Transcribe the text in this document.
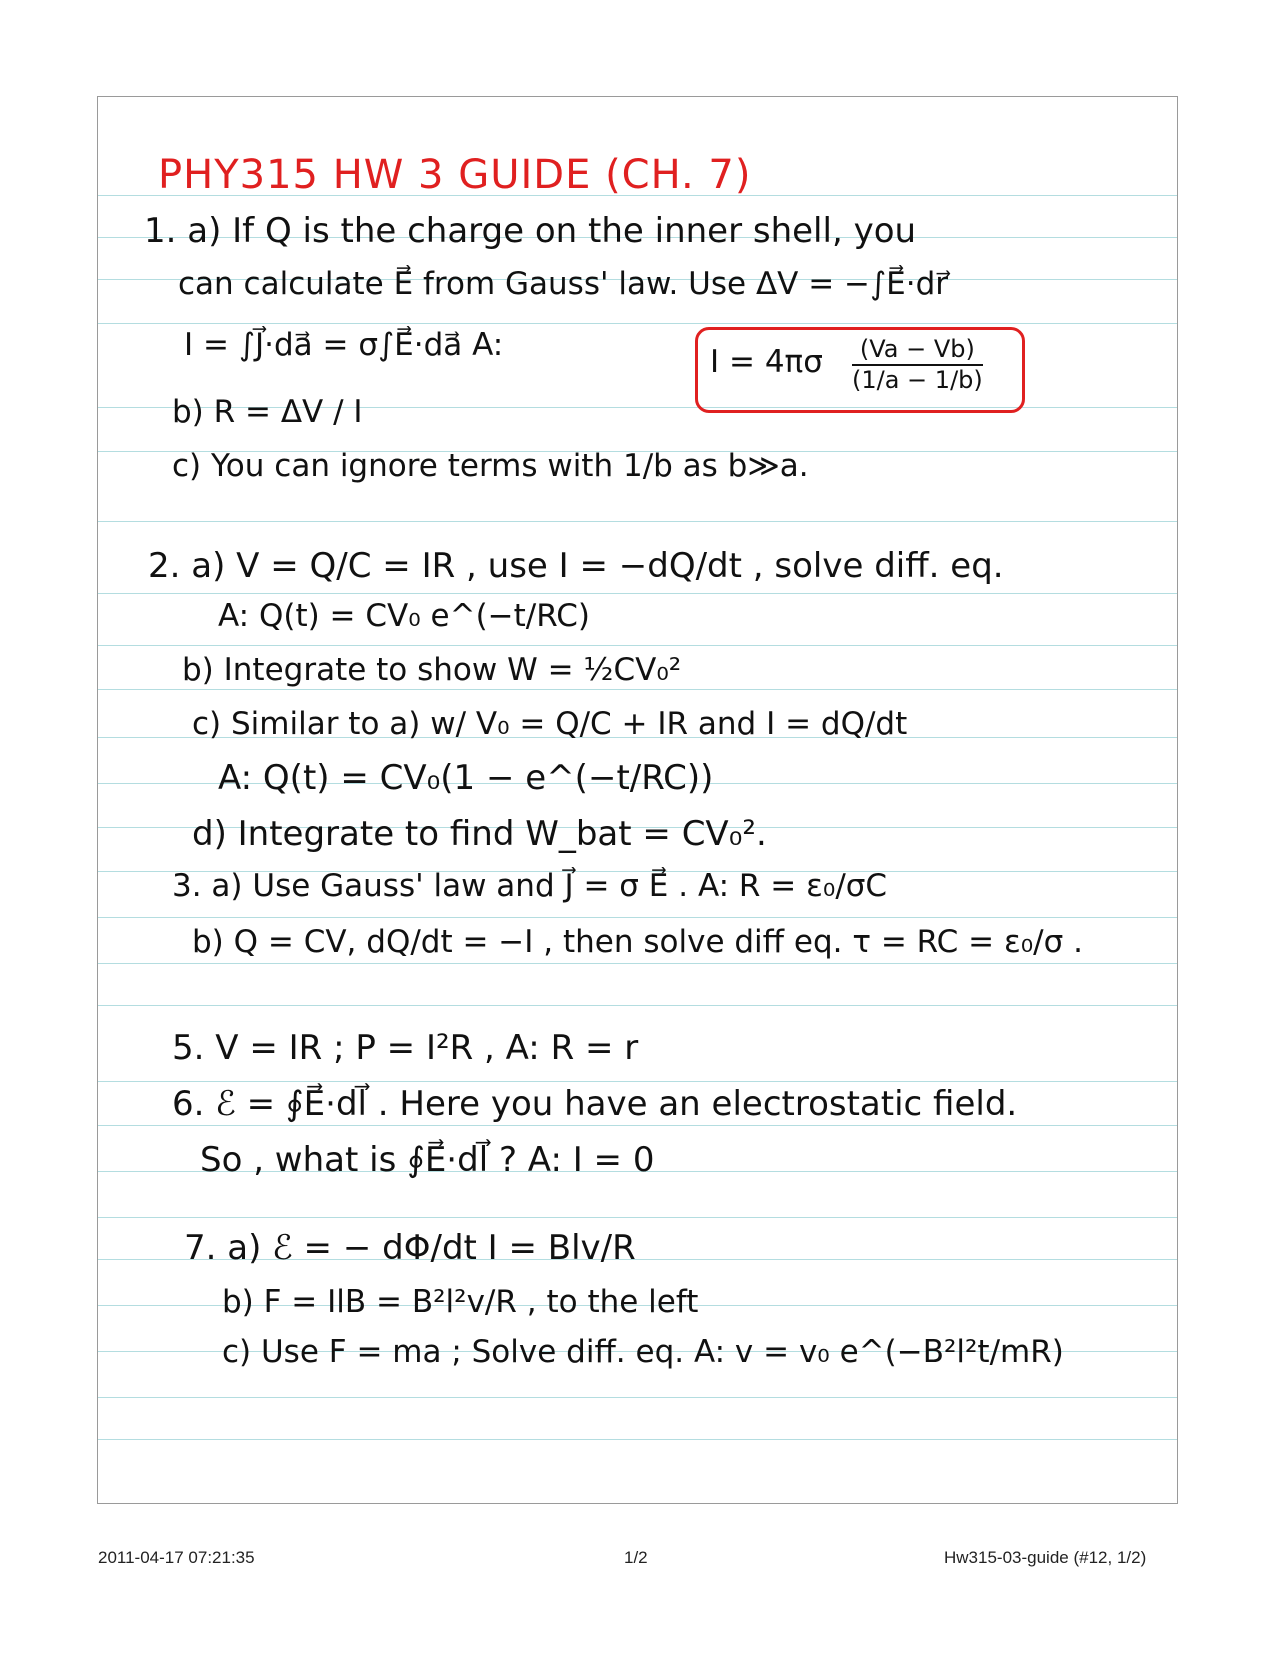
PHY315 HW 3 GUIDE (CH. 7)
1. a) If Q is the charge on the inner shell, you
can calculate E⃗ from Gauss' law. Use ΔV = −∫E⃗·dr⃗
I = ∫J⃗·da⃗ = σ∫E⃗·da⃗ A:	$I = 4\pi\sigma \frac{(Va - Vb)}{(1/a - 1/b)}$
b) R = ΔV / I
c) You can ignore terms with 1/b as b≫a.
2. a) V = Q/C = IR , use I = −dQ/dt , solve diff. eq.
A: Q(t) = CV₀ e^(−t/RC)
b) Integrate to show W = ½CV₀²
c) Similar to a) w/ V₀ = Q/C + IR and I = dQ/dt
A: Q(t) = CV₀(1 − e^(−t/RC))
d) Integrate to find W_bat = CV₀².
3. a) Use Gauss' law and J⃗ = σ E⃗ . A: R = ε₀/σC
b) Q = CV, dQ/dt = −I , then solve diff eq. τ = RC = ε₀/σ .
5. V = IR ; P = I²R , A: R = r
6. ℰ = ∮E⃗·dl⃗ . Here you have an electrostatic field.
So , what is ∮E⃗·dl⃗ ? A: I = 0
7. a) ℰ = − dΦ/dt I = Blv/R
b) F = IlB = B²l²v/R , to the left
c) Use F = ma ; Solve diff. eq. A: v = v₀ e^(−B²l²t/mR)
2011-04-17 07:21:35	1/2	Hw315-03-guide (#12, 1/2)
